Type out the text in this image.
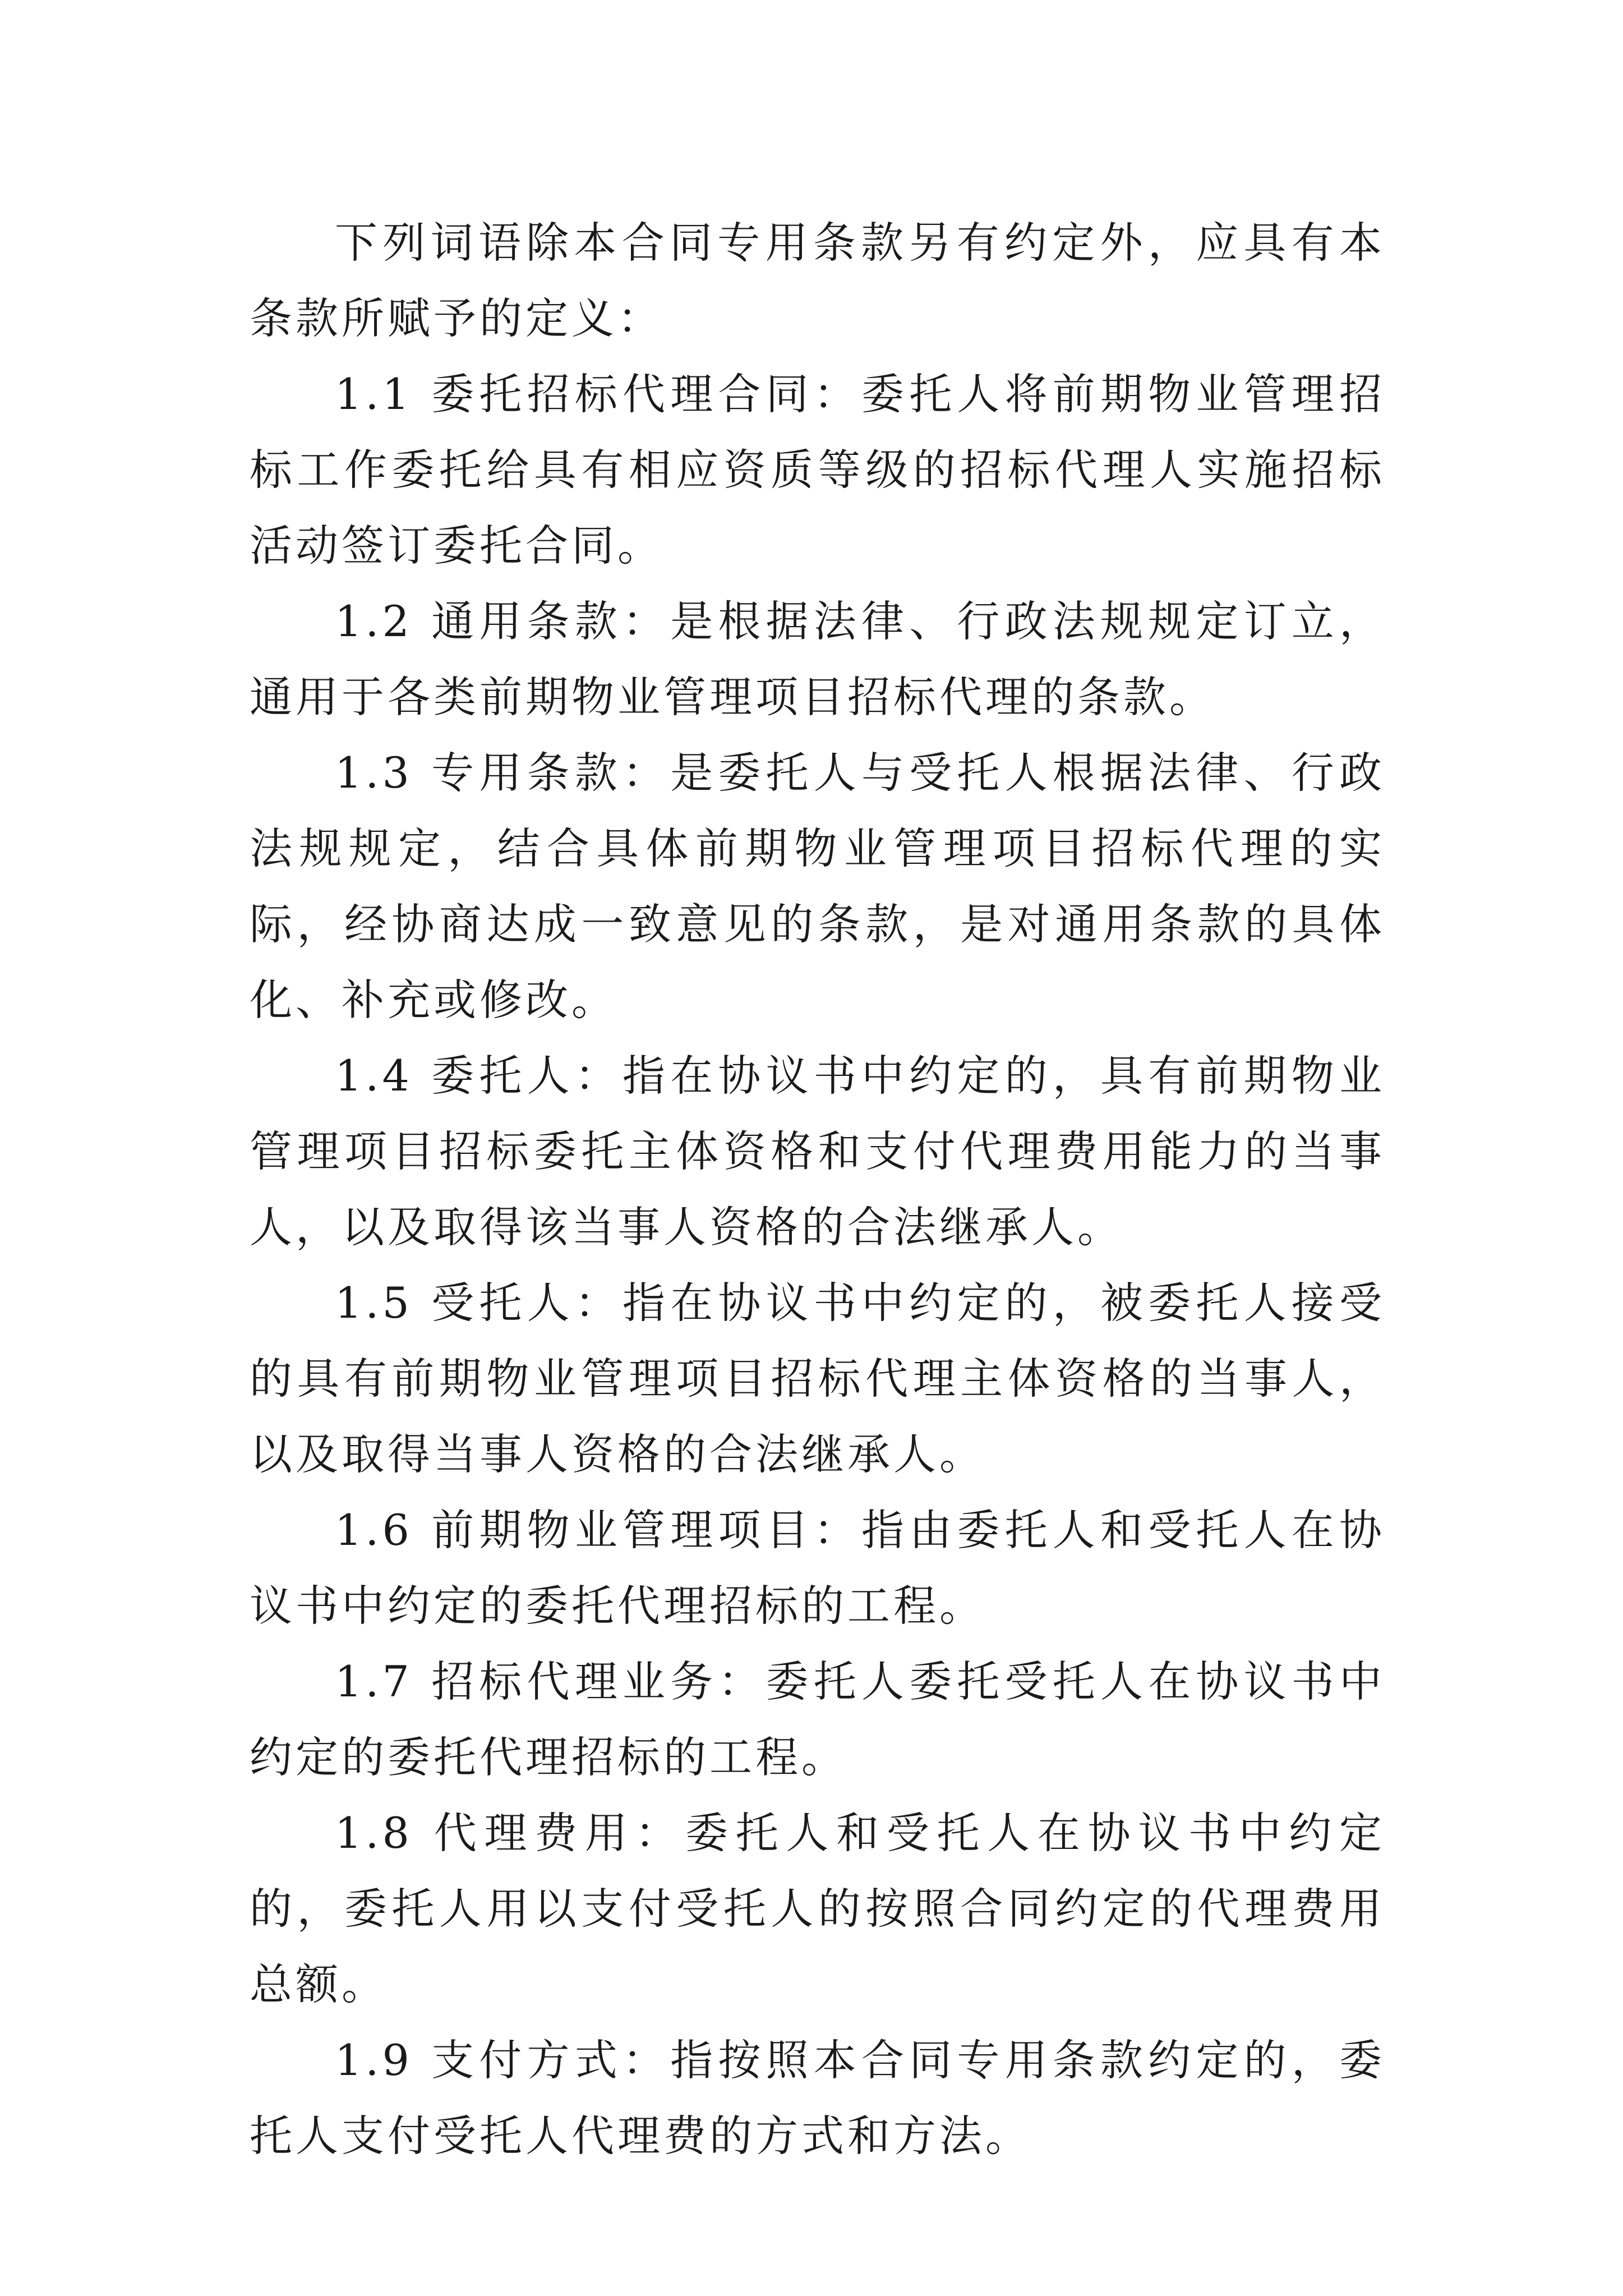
下列词语除本合同专用条款另有约定外，应具有本条款所赋予的定义：

1.1 委托招标代理合同：委托人将前期物业管理招标工作委托给具有相应资质等级的招标代理人实施招标活动签订委托合同。

1.2 通用条款：是根据法律、行政法规规定订立，通用于各类前期物业管理项目招标代理的条款。

1.3 专用条款：是委托人与受托人根据法律、行政法规规定，结合具体前期物业管理项目招标代理的实际，经协商达成一致意见的条款，是对通用条款的具体化、补充或修改。

1.4 委托人：指在协议书中约定的，具有前期物业管理项目招标委托主体资格和支付代理费用能力的当事人，以及取得该当事人资格的合法继承人。

1.5 受托人：指在协议书中约定的，被委托人接受的具有前期物业管理项目招标代理主体资格的当事人，以及取得当事人资格的合法继承人。

1.6 前期物业管理项目：指由委托人和受托人在协议书中约定的委托代理招标的工程。

1.7 招标代理业务：委托人委托受托人在协议书中约定的委托代理招标的工程。

1.8 代理费用：委托人和受托人在协议书中约定的，委托人用以支付受托人的按照合同约定的代理费用总额。

1.9 支付方式：指按照本合同专用条款约定的，委托人支付受托人代理费的方式和方法。
